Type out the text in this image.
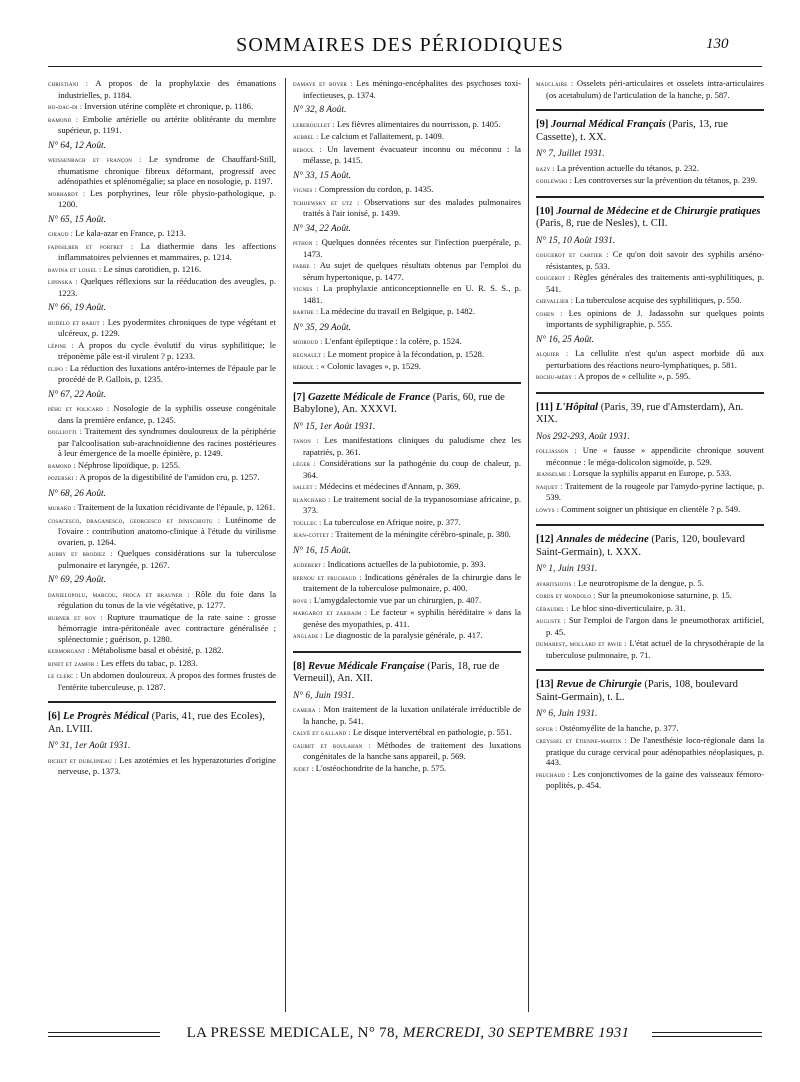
SOMMAIRES DES PÉRIODIQUES	130
christiani : A propos de la prophylaxie des émanations industrielles, p. 1184.
ho-dac-di : Inversion utérine complète et chronique, p. 1186.
ramond : Embolie artérielle ou artérite oblitérante du membre supérieur, p. 1191.
N° 64, 12 Août.
weissenbach et françon : Le syndrome de Chauffard-Still, rhumatisme chronique fibreux déformant, progressif avec adénopathies et splénomégalie; sa place en nosologie, p. 1197.
morhardt : Les porphyrines, leur rôle physio-pathologique, p. 1200.
N° 65, 15 Août.
giraud : Le kala-azar en France, p. 1213.
fainsilber et portret : La diathermie dans les affections inflammatoires pelviennes et mammaires, p. 1214.
ravina et loisel : Le sinus carotidien, p. 1216.
lipinska : Quelques réflexions sur la rééducation des aveugles, p. 1223.
N° 66, 19 Août.
hudelo et rabut : Les pyodermites chroniques de type végétant et ulcéreux, p. 1229.
lépine : A propos du cycle évolutif du virus syphilitique; le tréponème pâle est-il virulent ? p. 1233.
flipo : La réduction des luxations antéro-internes de l'épaule par le procédé de P. Gallois, p. 1235.
N° 67, 22 Août.
péhu et policard : Nosologie de la syphilis osseuse congénitale dans la première enfance, p. 1245.
dogliotti : Traitement des syndromes douloureux de la périphérie par l'alcoolisation sub-arachnoïdienne des racines postérieures à leur émergence de la moelle épinière, p. 1249.
ramond : Néphrose lipoïdique, p. 1255.
pozerski : A propos de la digestibilité de l'amidon cru, p. 1257.
N° 68, 26 Août.
murard : Traitement de la luxation récidivante de l'épaule, p. 1261.
cosacesco, draganesco, georgesco et dinischiotu : Lutéinome de l'ovaire : contribution anatomo-clinique à l'étude du virilisme ovarien, p. 1264.
aubry et brodiez : Quelques considérations sur la tuberculose pulmonaire et laryngée, p. 1267.
N° 69, 29 Août.
danielopolu, marcou, proca et brauner : Rôle du foie dans la régulation du tonus de la vie végétative, p. 1277.
hubner et roy : Rupture traumatique de la rate saine : grosse hémorragie intra-péritonéale avec contracture généralisée ; splénectomie ; guérison, p. 1280.
kermorgant : Métabolisme basal et obésité, p. 1282.
binet et zamfir : Les effets du tabac, p. 1283.
le clerc : Un abdomen douloureux. A propos des formes frustes de l'entérite tuberculeuse, p. 1287.
[6] Le Progrès Médical (Paris, 41, rue des Ecoles), An. LVIII.
N° 31, 1er Août 1931.
richet et dubliineau : Les azotémies et les hyperazoturies d'origine nerveuse, p. 1373.
damaye et boyer : Les méningo-encéphalites des psychoses toxi-infectieuses, p. 1374.
N° 32, 8 Août.
lereboullet : Les fièvres alimentaires du nourrisson, p. 1405.
aubrel : Le calcium et l'allaitement, p. 1409.
reboul : Un lavement évacuateur inconnu ou méconnu : la mélasse, p. 1415.
N° 33, 15 Août.
vignes : Compression du cordon, p. 1435.
tchijewsky et utz : Observations sur des malades pulmonaires traités à l'air ionisé, p. 1439.
N° 34, 22 Août.
pithon : Quelques données récentes sur l'infection puerpérale, p. 1473.
fabre : Au sujet de quelques résultats obtenus par l'emploi du sérum hypertonique, p. 1477.
vignes : La prophylaxie anticonceptionnelle en U. R. S. S., p. 1481.
barthe : La médecine du travail en Belgique, p. 1482.
N° 35, 29 Août.
moiroud : L'enfant épileptique : la colère, p. 1524.
regnault : Le moment propice à la fécondation, p. 1528.
reboul : « Colonic lavages », p. 1529.
[7] Gazette Médicale de France (Paris, 60, rue de Babylone), An. XXXVI.
N° 15, 1er Août 1931.
tanon : Les manifestations cliniques du paludisme chez les rapatriés, p. 361.
léger : Considérations sur la pathogénie du coup de chaleur, p. 364.
sallet : Médecins et médecines d'Annam, p. 369.
blanchard : Le traitement social de la trypanosomiase africaine, p. 373.
toullec : La tuberculose en Afrique noire, p. 377.
jean-cottet : Traitement de la méningite cérébro-spinale, p. 380.
N° 16, 15 Août.
audebert : Indications actuelles de la pubiotomie, p. 393.
bernou et fruchaud : Indications générales de la chirurgie dans le traitement de la tuberculose pulmonaire, p. 400.
bove : L'amygdalectomie vue par un chirurgien, p. 407.
margarot et zakhajm : Le facteur « syphilis héréditaire » dans la genèse des myopathies, p. 411.
anglade : Le diagnostic de la paralysie générale, p. 417.
[8] Revue Médicale Française (Paris, 18, rue de Verneuil), An. XII.
N° 6, Juin 1931.
camera : Mon traitement de la luxation unilatérale irréductible de la hanche, p. 541.
calvé et galland : Le disque intervertébral en pathologie, p. 551.
gaubet et boulahan : Méthodes de traitement des luxations congénitales de la hanche sans appareil, p. 569.
judet : L'ostéochondrite de la hanche, p. 575.
mauclaire : Osselets péri-articulaires et osselets intra-articulaires (os acetabulum) de l'articulation de la hanche, p. 587.
[9] Journal Médical Français (Paris, 13, rue Cassette), t. XX.
N° 7, Juillet 1931.
bazy : La prévention actuelle du tétanos, p. 232.
godlewski : Les controverses sur la prévention du tétanos, p. 239.
[10] Journal de Médecine et de Chirurgie pratiques (Paris, 8, rue de Nesles), t. CII.
N° 15, 10 Août 1931.
gougerot et cartier : Ce qu'on doit savoir des syphilis arséno-résistantes, p. 533.
gougerot : Règles générales des traitements anti-syphilitiques, p. 541.
chevallier : La tuberculose acquise des syphilitiques, p. 550.
cohen : Les opinions de J. Jadassohn sur quelques points importants de syphiligraphie, p. 555.
N° 16, 25 Août.
alquier : La cellulite n'est qu'un aspect morbide dû aux perturbations des réactions neuro-lymphatiques, p. 581.
rochu-méry : A propos de « cellulite », p. 595.
[11] L'Hôpital (Paris, 39, rue d'Amsterdam), An. XIX.
Nos 292-293, Août 1931.
folliasson : Une « fausse » appendicite chronique souvent méconnue : le méga-dolicolon sigmoïde, p. 529.
jeanselme : Lorsque la syphilis apparut en Europe, p. 533.
naquet : Traitement de la rougeole par l'amydo-pyrine lactique, p. 539.
lowys : Comment soigner un phtisique en clientèle ? p. 549.
[12] Annales de médecine (Paris, 120, boulevard Saint-Germain), t. XXX.
N° 1, Juin 1931.
avaritsiotis : Le neurotropisme de la dengue, p. 5.
cords et mondolo : Sur la pneumokoniose saturnine, p. 15.
géraudel : Le bloc sino-diverticulaire, p. 31.
auguste : Sur l'emploi de l'argon dans le pneumothorax artificiel, p. 45.
dumarest, mollard et pavie : L'état actuel de la chrysothérapie de la tuberculose pulmonaire, p. 71.
[13] Revue de Chirurgie (Paris, 108, boulevard Saint-Germain), t. L.
N° 6, Juin 1931.
sofur : Ostéomyélite de la hanche, p. 377.
creyssel et étienne-martin : De l'anesthésie loco-régionale dans la pratique du curage cervical pour adénopathies néoplasiques, p. 443.
fruchaud : Les conjonctivomes de la gaine des vaisseaux fémoro-poplités, p. 454.
LA PRESSE MEDICALE, N° 78, MERCREDI, 30 SEPTEMBRE 1931
